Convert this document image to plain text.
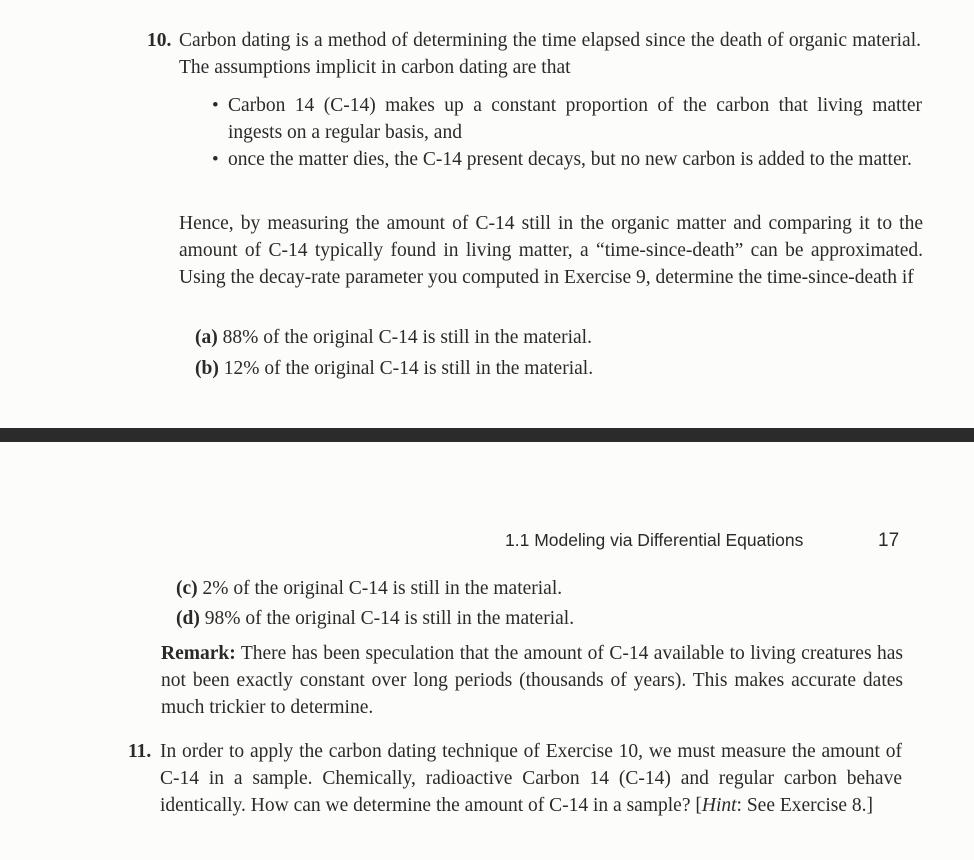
10. Carbon dating is a method of determining the time elapsed since the death of organic material. The assumptions implicit in carbon dating are that

• Carbon 14 (C-14) makes up a constant proportion of the carbon that living matter ingests on a regular basis, and

• once the matter dies, the C-14 present decays, but no new carbon is added to the matter.

Hence, by measuring the amount of C-14 still in the organic matter and comparing it to the amount of C-14 typically found in living matter, a “time-since-death” can be approximated. Using the decay-rate parameter you computed in Exercise 9, determine the time-since-death if

(a) 88% of the original C-14 is still in the material.
(b) 12% of the original C-14 is still in the material.
1.1 Modeling via Differential Equations	17
(c) 2% of the original C-14 is still in the material.
(d) 98% of the original C-14 is still in the material.

Remark: There has been speculation that the amount of C-14 available to living creatures has not been exactly constant over long periods (thousands of years). This makes accurate dates much trickier to determine.

11. In order to apply the carbon dating technique of Exercise 10, we must measure the amount of C-14 in a sample. Chemically, radioactive Carbon 14 (C-14) and regular carbon behave identically. How can we determine the amount of C-14 in a sample? [Hint: See Exercise 8.]
